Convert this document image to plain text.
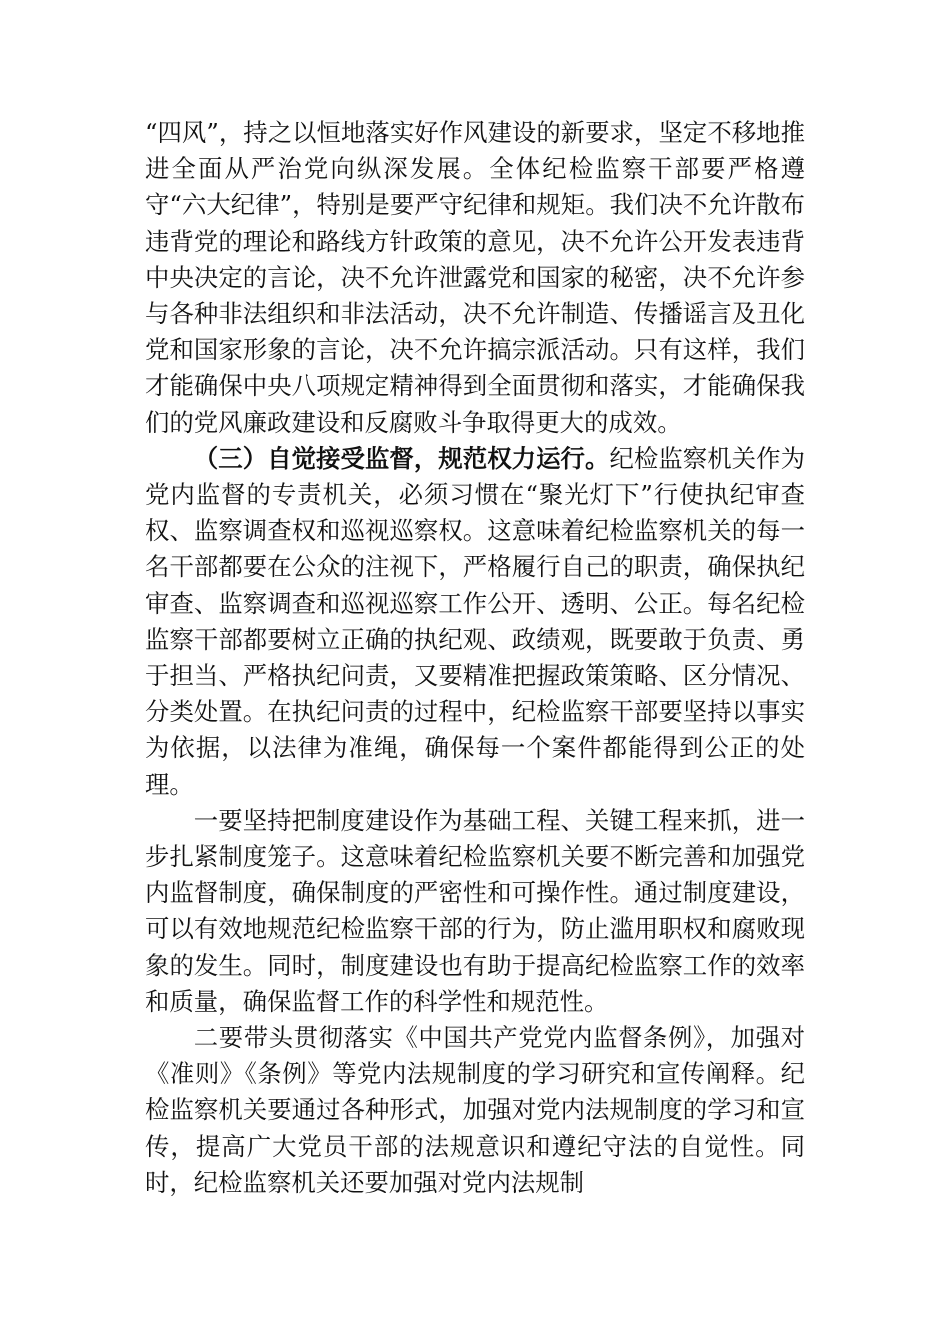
“四风”，持之以恒地落实好作风建设的新要求，坚定不移地推进全面从严治党向纵深发展。全体纪检监察干部要严格遵守“六大纪律”，特别是要严守纪律和规矩。我们决不允许散布违背党的理论和路线方针政策的意见，决不允许公开发表违背中央决定的言论，决不允许泄露党和国家的秘密，决不允许参与各种非法组织和非法活动，决不允许制造、传播谣言及丑化党和国家形象的言论，决不允许搞宗派活动。只有这样，我们才能确保中央八项规定精神得到全面贯彻和落实，才能确保我们的党风廉政建设和反腐败斗争取得更大的成效。

（三）自觉接受监督，规范权力运行。纪检监察机关作为党内监督的专责机关，必须习惯在“聚光灯下”行使执纪审查权、监察调查权和巡视巡察权。这意味着纪检监察机关的每一名干部都要在公众的注视下，严格履行自己的职责，确保执纪审查、监察调查和巡视巡察工作公开、透明、公正。每名纪检监察干部都要树立正确的执纪观、政绩观，既要敢于负责、勇于担当、严格执纪问责，又要精准把握政策策略、区分情况、分类处置。在执纪问责的过程中，纪检监察干部要坚持以事实为依据，以法律为准绳，确保每一个案件都能得到公正的处理。

一要坚持把制度建设作为基础工程、关键工程来抓，进一步扎紧制度笼子。这意味着纪检监察机关要不断完善和加强党内监督制度，确保制度的严密性和可操作性。通过制度建设，可以有效地规范纪检监察干部的行为，防止滥用职权和腐败现象的发生。同时，制度建设也有助于提高纪检监察工作的效率和质量，确保监督工作的科学性和规范性。

二要带头贯彻落实《中国共产党党内监督条例》，加强对《准则》《条例》等党内法规制度的学习研究和宣传阐释。纪检监察机关要通过各种形式，加强对党内法规制度的学习和宣传，提高广大党员干部的法规意识和遵纪守法的自觉性。同时，纪检监察机关还要加强对党内法规制
